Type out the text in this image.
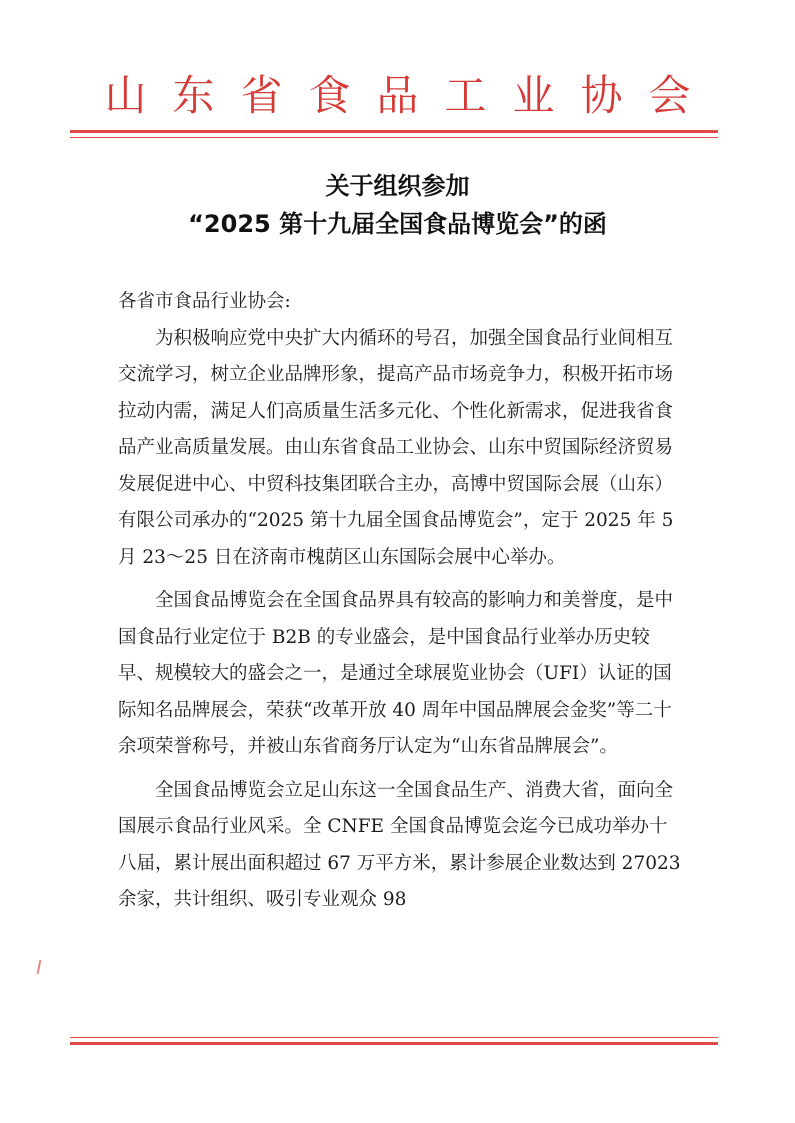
山东省食品工业协会
关于组织参加
“2025 第十九届全国食品博览会”的函

各省市食品行业协会:

为积极响应党中央扩大内循环的号召，加强全国食品行业间相互交流学习，树立企业品牌形象，提高产品市场竞争力，积极开拓市场拉动内需，满足人们高质量生活多元化、个性化新需求，促进我省食品产业高质量发展。由山东省食品工业协会、山东中贸国际经济贸易发展促进中心、中贸科技集团联合主办，高博中贸国际会展（山东）有限公司承办的“2025 第十九届全国食品博览会”，定于 2025 年 5 月 23～25 日在济南市槐荫区山东国际会展中心举办。

全国食品博览会在全国食品界具有较高的影响力和美誉度，是中国食品行业定位于 B2B 的专业盛会，是中国食品行业举办历史较早、规模较大的盛会之一，是通过全球展览业协会（UFI）认证的国际知名品牌展会，荣获“改革开放 40 周年中国品牌展会金奖”等二十余项荣誉称号，并被山东省商务厅认定为“山东省品牌展会”。

全国食品博览会立足山东这一全国食品生产、消费大省，面向全国展示食品行业风采。全 CNFE 全国食品博览会迄今已成功举办十八届，累计展出面积超过 67 万平方米，累计参展企业数达到 27023 余家，共计组织、吸引专业观众 98
